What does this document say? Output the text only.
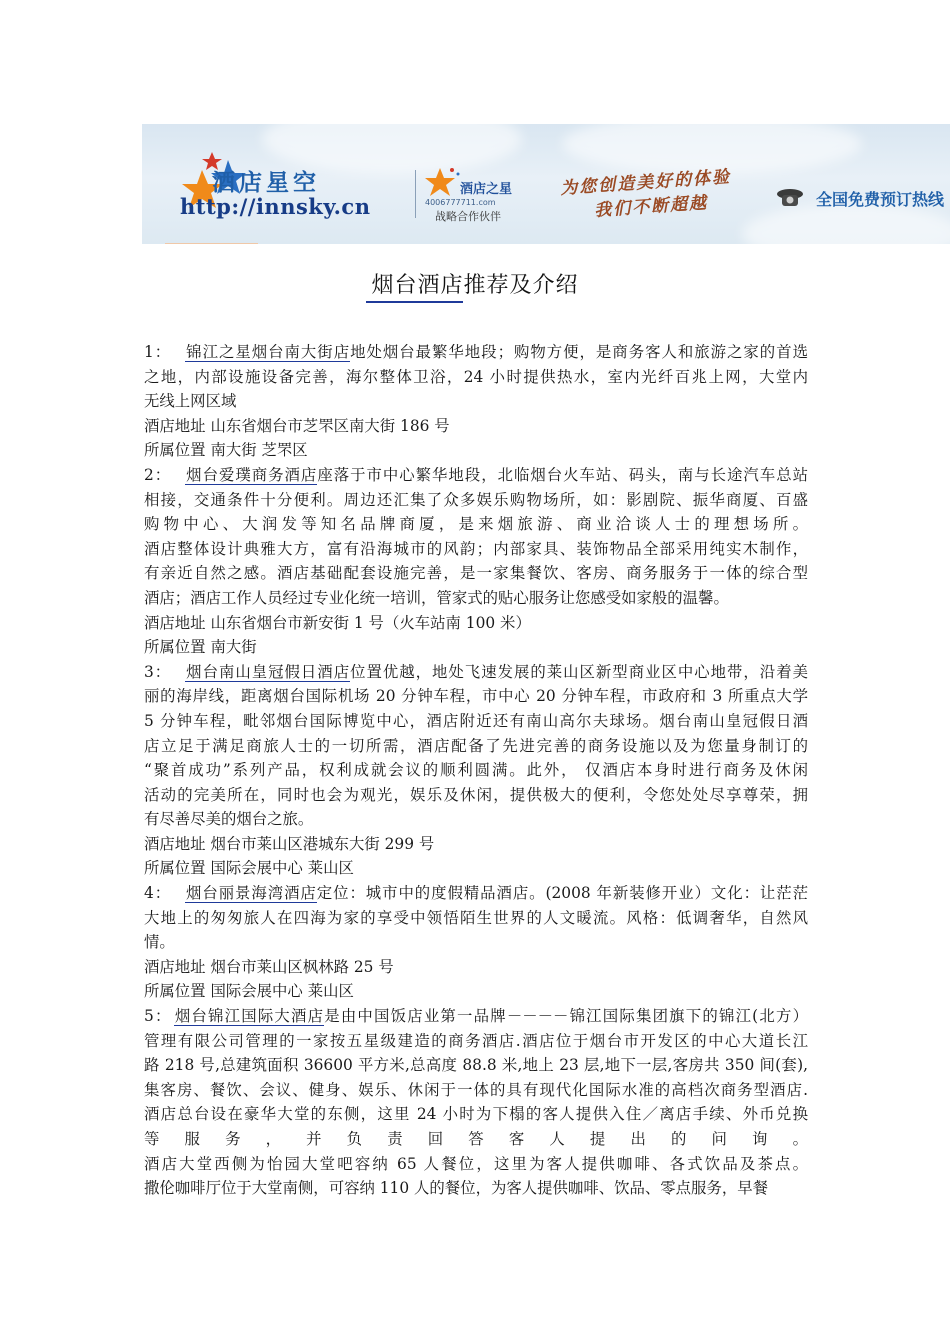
酒店星空
http://innsky.cn
酒店之星
4006777711.com
战略合作伙伴
为您创造美好的体验
我们不断超越	全国免费预订热线
烟台酒店推荐及介绍
1： 锦江之星烟台南大街店地处烟台最繁华地段；购物方便，是商务客人和旅游之家的首选
之地，内部设施设备完善，海尔整体卫浴，24 小时提供热水，室内光纤百兆上网，大堂内
无线上网区域
酒店地址 山东省烟台市芝罘区南大街 186 号
所属位置 南大街 芝罘区
2： 烟台爱璞商务酒店座落于市中心繁华地段，北临烟台火车站、码头，南与长途汽车总站
相接，交通条件十分便利。周边还汇集了众多娱乐购物场所，如：影剧院、振华商厦、百盛
购物中心、大润发等知名品牌商厦，是来烟旅游、商业洽谈人士的理想场所。
酒店整体设计典雅大方，富有沿海城市的风韵；内部家具、装饰物品全部采用纯实木制作，
有亲近自然之感。酒店基础配套设施完善，是一家集餐饮、客房、商务服务于一体的综合型
酒店；酒店工作人员经过专业化统一培训，管家式的贴心服务让您感受如家般的温馨。
酒店地址 山东省烟台市新安街 1 号（火车站南 100 米）
所属位置 南大街
3： 烟台南山皇冠假日酒店位置优越，地处飞速发展的莱山区新型商业区中心地带，沿着美
丽的海岸线，距离烟台国际机场 20 分钟车程，市中心 20 分钟车程，市政府和 3 所重点大学
5 分钟车程，毗邻烟台国际博览中心，酒店附近还有南山高尔夫球场。烟台南山皇冠假日酒
店立足于满足商旅人士的一切所需，酒店配备了先进完善的商务设施以及为您量身制订的
“聚首成功”系列产品，权利成就会议的顺利圆满。此外， 仅酒店本身时进行商务及休闲
活动的完美所在，同时也会为观光，娱乐及休闲，提供极大的便利，令您处处尽享尊荣，拥
有尽善尽美的烟台之旅。
酒店地址 烟台市莱山区港城东大街 299 号
所属位置 国际会展中心 莱山区
4： 烟台丽景海湾酒店定位：城市中的度假精品酒店。(2008 年新装修开业）文化：让茫茫
大地上的匆匆旅人在四海为家的享受中领悟陌生世界的人文暖流。风格：低调奢华，自然风
情。
酒店地址 烟台市莱山区枫林路 25 号
所属位置 国际会展中心 莱山区
5： 烟台锦江国际大酒店是由中国饭店业第一品牌－－－－锦江国际集团旗下的锦江(北方）
管理有限公司管理的一家按五星级建造的商务酒店.酒店位于烟台市开发区的中心大道长江
路 218 号,总建筑面积 36600 平方米,总高度 88.8 米,地上 23 层,地下一层,客房共 350 间(套),
集客房、餐饮、会议、健身、娱乐、休闲于一体的具有现代化国际水准的高档次商务型酒店.
酒店总台设在豪华大堂的东侧，这里 24 小时为下榻的客人提供入住／离店手续、外币兑换
等服务，并负责回答客人提出的问询。
酒店大堂西侧为怡园大堂吧容纳 65 人餐位，这里为客人提供咖啡、各式饮品及茶点。
撒伦咖啡厅位于大堂南侧，可容纳 110 人的餐位，为客人提供咖啡、饮品、零点服务，早餐
